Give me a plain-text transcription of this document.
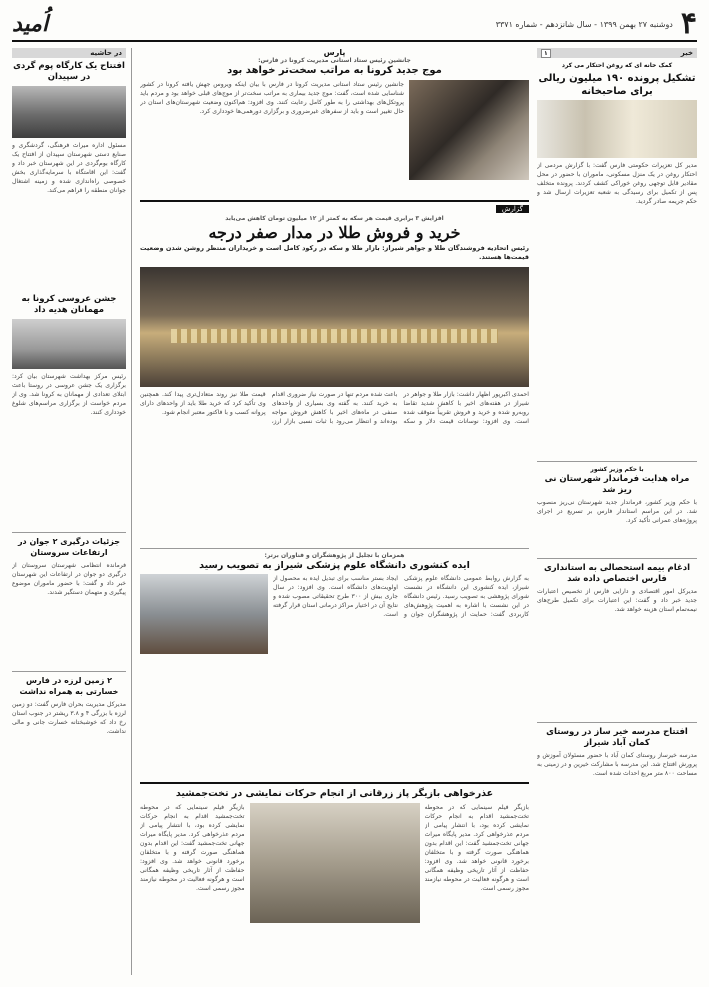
۴
دوشنبه ۲۷ بهمن ۱۳۹۹ - سال شانزدهم - شماره ۳۳۷۱
اُمید
خبر
۱
کمک خانه ای که روغن احتکار می کرد
تشکیل پرونده ۱۹۰ میلیون ریالی برای صاحبخانه
مدیر کل تعزیرات حکومتی فارس گفت: با گزارش مردمی از احتکار روغن در یک منزل مسکونی، ماموران با حضور در محل مقادیر قابل توجهی روغن خوراکی کشف کردند. پرونده متخلف پس از تکمیل برای رسیدگی به شعبه تعزیرات ارسال شد و حکم جریمه صادر گردید.
با حکم وزیر کشور
مراه هدایت فرماندار شهرستان نی ریز شد
با حکم وزیر کشور، فرماندار جدید شهرستان نی‌ریز منصوب شد. در این مراسم استاندار فارس بر تسریع در اجرای پروژه‌های عمرانی تأکید کرد.
ادغام بیمه استحصالی به استانداری فارس اختصاص داده شد
مدیرکل امور اقتصادی و دارایی فارس از تخصیص اعتبارات جدید خبر داد و گفت: این اعتبارات برای تکمیل طرح‌های نیمه‌تمام استان هزینه خواهد شد.
افتتاح مدرسه خیر ساز در روستای کمان آباد شیراز
مدرسه خیرساز روستای کمان آباد با حضور مسئولان آموزش و پرورش افتتاح شد. این مدرسه با مشارکت خیرین و در زمینی به مساحت ۸۰۰ متر مربع احداث شده است.
در حاشیه
افتتاح یک کارگاه پوم گردی در سپیدان
مسئول اداره میراث فرهنگی، گردشگری و صنایع دستی شهرستان سپیدان از افتتاح یک کارگاه بوم‌گردی در این شهرستان خبر داد و گفت: این اقامتگاه با سرمایه‌گذاری بخش خصوصی راه‌اندازی شده و زمینه اشتغال جوانان منطقه را فراهم می‌کند.
جشن عروسی کرونا به مهمانان هدیه داد
رئیس مرکز بهداشت شهرستان بیان کرد: برگزاری یک جشن عروسی در روستا باعث ابتلای تعدادی از مهمانان به کرونا شد. وی از مردم خواست از برگزاری مراسم‌های شلوغ خودداری کنند.
جزئیات درگیری ۲ جوان در ارتفاعات سروستان
فرمانده انتظامی شهرستان سروستان از درگیری دو جوان در ارتفاعات این شهرستان خبر داد و گفت: با حضور ماموران موضوع پیگیری و متهمان دستگیر شدند.
۲ زمین لرزه در فارس خسارتی به همراه نداشت
مدیرکل مدیریت بحران فارس گفت: دو زمین لرزه با بزرگی ۴ و ۳.۸ ریشتر در جنوب استان رخ داد که خوشبختانه خسارت جانی و مالی نداشت.
پارس
جانشین رئیس ستاد استانی مدیریت کرونا در فارس:
موج جدید کرونا به مراتب سخت‌تر خواهد بود
جانشین رئیس ستاد استانی مدیریت کرونا در فارس با بیان اینکه ویروس جهش یافته کرونا در کشور شناسایی شده است، گفت: موج جدید بیماری به مراتب سخت‌تر از موج‌های قبلی خواهد بود و مردم باید پروتکل‌های بهداشتی را به طور کامل رعایت کنند. وی افزود: هم‌اکنون وضعیت شهرستان‌های استان در حال تغییر است و باید از سفرهای غیرضروری و برگزاری دورهمی‌ها خودداری کرد.
گزارش
افزایش ۳ برابری قیمت هر سکه به کمتر از ۱۲ میلیون تومان کاهش می‌یابد
خرید و فروش طلا در مدار صفر درجه
رئیس اتحادیه فروشندگان طلا و جواهر شیراز: بازار طلا و سکه در رکود کامل است و خریداران منتظر روشن شدن وضعیت قیمت‌ها هستند.
احمدی اکبرپور اظهار داشت: بازار طلا و جواهر در شیراز در هفته‌های اخیر با کاهش شدید تقاضا روبه‌رو شده و خرید و فروش تقریباً متوقف شده است. وی افزود: نوسانات قیمت دلار و سکه باعث شده مردم تنها در صورت نیاز ضروری اقدام به خرید کنند. به گفته وی بسیاری از واحدهای صنفی در ماه‌های اخیر با کاهش فروش مواجه بوده‌اند و انتظار می‌رود با ثبات نسبی بازار ارز، قیمت طلا نیز روند متعادل‌تری پیدا کند. همچنین وی تأکید کرد که خرید طلا باید از واحدهای دارای پروانه کسب و با فاکتور معتبر انجام شود.
همزمان با تجلیل از پژوهشگران و فناوران برتر:
ایده کنشوری دانشگاه علوم پزشکی شیراز به تصویب رسید
به گزارش روابط عمومی دانشگاه علوم پزشکی شیراز، ایده کنشوری این دانشگاه در نشست شورای پژوهشی به تصویب رسید. رئیس دانشگاه در این نشست با اشاره به اهمیت پژوهش‌های کاربردی گفت: حمایت از پژوهشگران جوان و ایجاد بستر مناسب برای تبدیل ایده به محصول از اولویت‌های دانشگاه است. وی افزود: در سال جاری بیش از ۳۰۰ طرح تحقیقاتی مصوب شده و نتایج آن در اختیار مراکز درمانی استان قرار گرفته است.
عذرخواهی بازیگر پاز زرقانی از انجام حرکات نمایشی در تخت‌جمشید
بازیگر فیلم سینمایی که در محوطه تخت‌جمشید اقدام به انجام حرکات نمایشی کرده بود، با انتشار پیامی از مردم عذرخواهی کرد. مدیر پایگاه میراث جهانی تخت‌جمشید گفت: این اقدام بدون هماهنگی صورت گرفته و با متخلفان برخورد قانونی خواهد شد. وی افزود: حفاظت از آثار تاریخی وظیفه همگانی است و هرگونه فعالیت در محوطه نیازمند مجوز رسمی است.
بازیگر فیلم سینمایی که در محوطه تخت‌جمشید اقدام به انجام حرکات نمایشی کرده بود، با انتشار پیامی از مردم عذرخواهی کرد. مدیر پایگاه میراث جهانی تخت‌جمشید گفت: این اقدام بدون هماهنگی صورت گرفته و با متخلفان برخورد قانونی خواهد شد. وی افزود: حفاظت از آثار تاریخی وظیفه همگانی است و هرگونه فعالیت در محوطه نیازمند مجوز رسمی است.
